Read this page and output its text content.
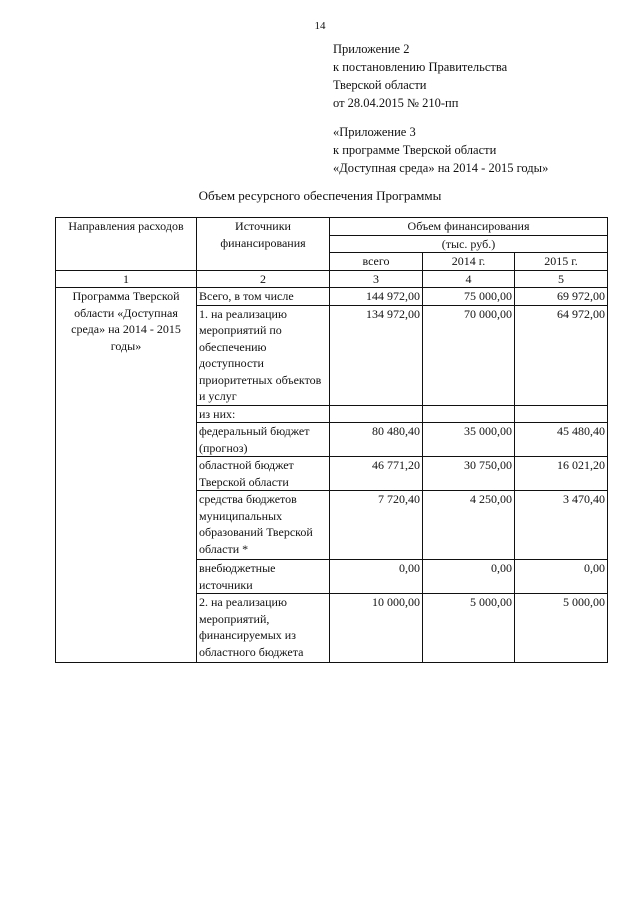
14
Приложение 2
к постановлению Правительства
Тверской области
от 28.04.2015 № 210-пп
«Приложение 3
к программе Тверской области
«Доступная среда» на 2014 - 2015 годы»
Объем ресурсного обеспечения Программы
Направления расходов	Источники финансирования	Объем финансирования		
		(тыс. руб.)		
		всего	2014 г.	2015 г.
1	2	3	4	5
Программа Тверской области «Доступная среда» на 2014 - 2015 годы»	Всего, в том числе	144 972,00	75 000,00	69 972,00
	1. на реализацию мероприятий по обеспечению доступности приоритетных объектов и услуг	134 972,00	70 000,00	64 972,00
	из них:			
	федеральный бюджет (прогноз)	80 480,40	35 000,00	45 480,40
	областной бюджет Тверской области	46 771,20	30 750,00	16 021,20
	средства бюджетов муниципальных образований Тверской области *	7 720,40	4 250,00	3 470,40
	внебюджетные источники	0,00	0,00	0,00
	2. на реализацию мероприятий, финансируемых из областного бюджета	10 000,00	5 000,00	5 000,00
